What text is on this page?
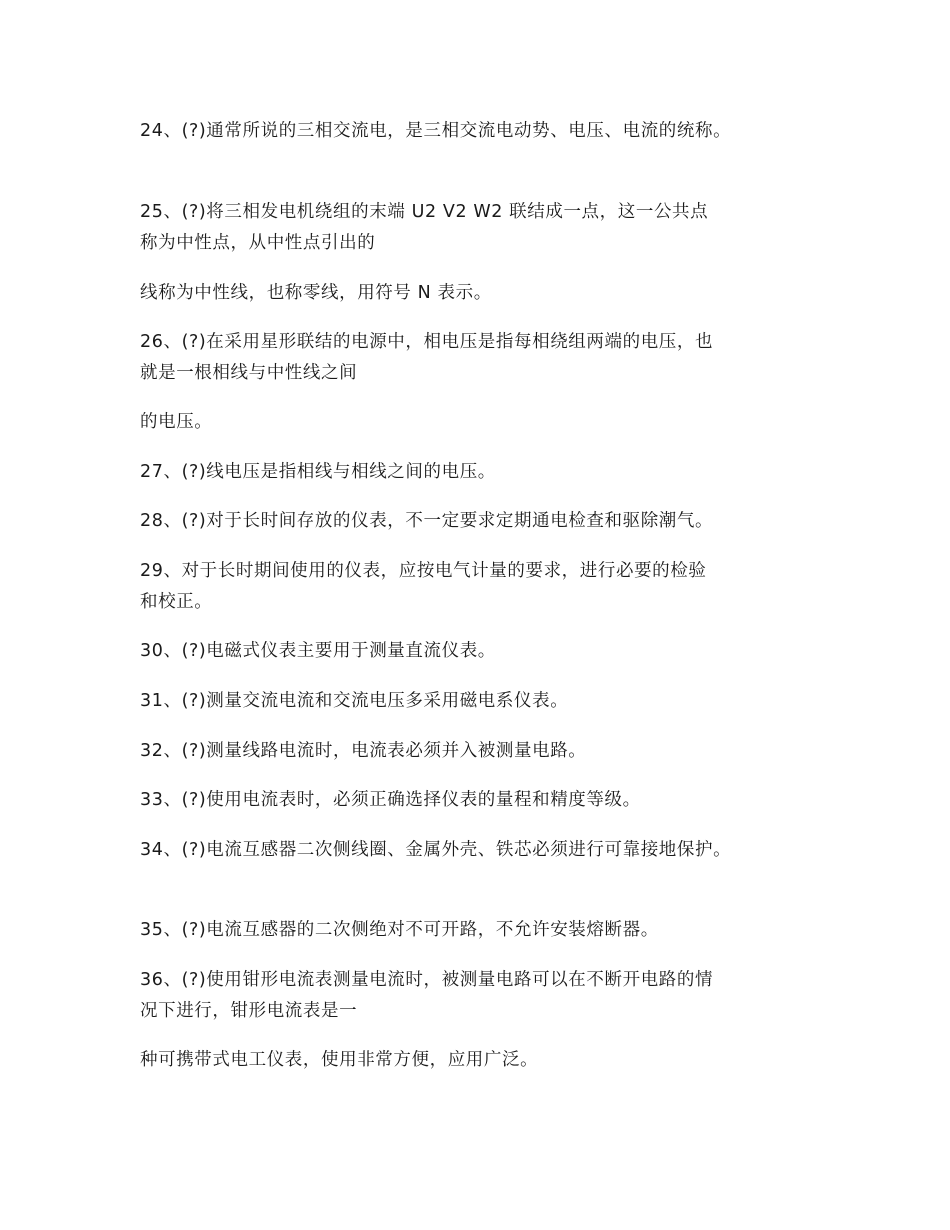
24、(?)通常所说的三相交流电，是三相交流电动势、电压、电流的统称。
25、(?)将三相发电机绕组的末端 U2 V2 W2 联结成一点，这一公共点
称为中性点，从中性点引出的
线称为中性线，也称零线，用符号 N 表示。
26、(?)在采用星形联结的电源中，相电压是指每相绕组两端的电压，也
就是一根相线与中性线之间
的电压。
27、(?)线电压是指相线与相线之间的电压。
28、(?)对于长时间存放的仪表，不一定要求定期通电检查和驱除潮气。
29、对于长时期间使用的仪表，应按电气计量的要求，进行必要的检验
和校正。
30、(?)电磁式仪表主要用于测量直流仪表。
31、(?)测量交流电流和交流电压多采用磁电系仪表。
32、(?)测量线路电流时，电流表必须并入被测量电路。
33、(?)使用电流表时，必须正确选择仪表的量程和精度等级。
34、(?)电流互感器二次侧线圈、金属外壳、铁芯必须进行可靠接地保护。
35、(?)电流互感器的二次侧绝对不可开路，不允许安装熔断器。
36、(?)使用钳形电流表测量电流时，被测量电路可以在不断开电路的情
况下进行，钳形电流表是一
种可携带式电工仪表，使用非常方便，应用广泛。
